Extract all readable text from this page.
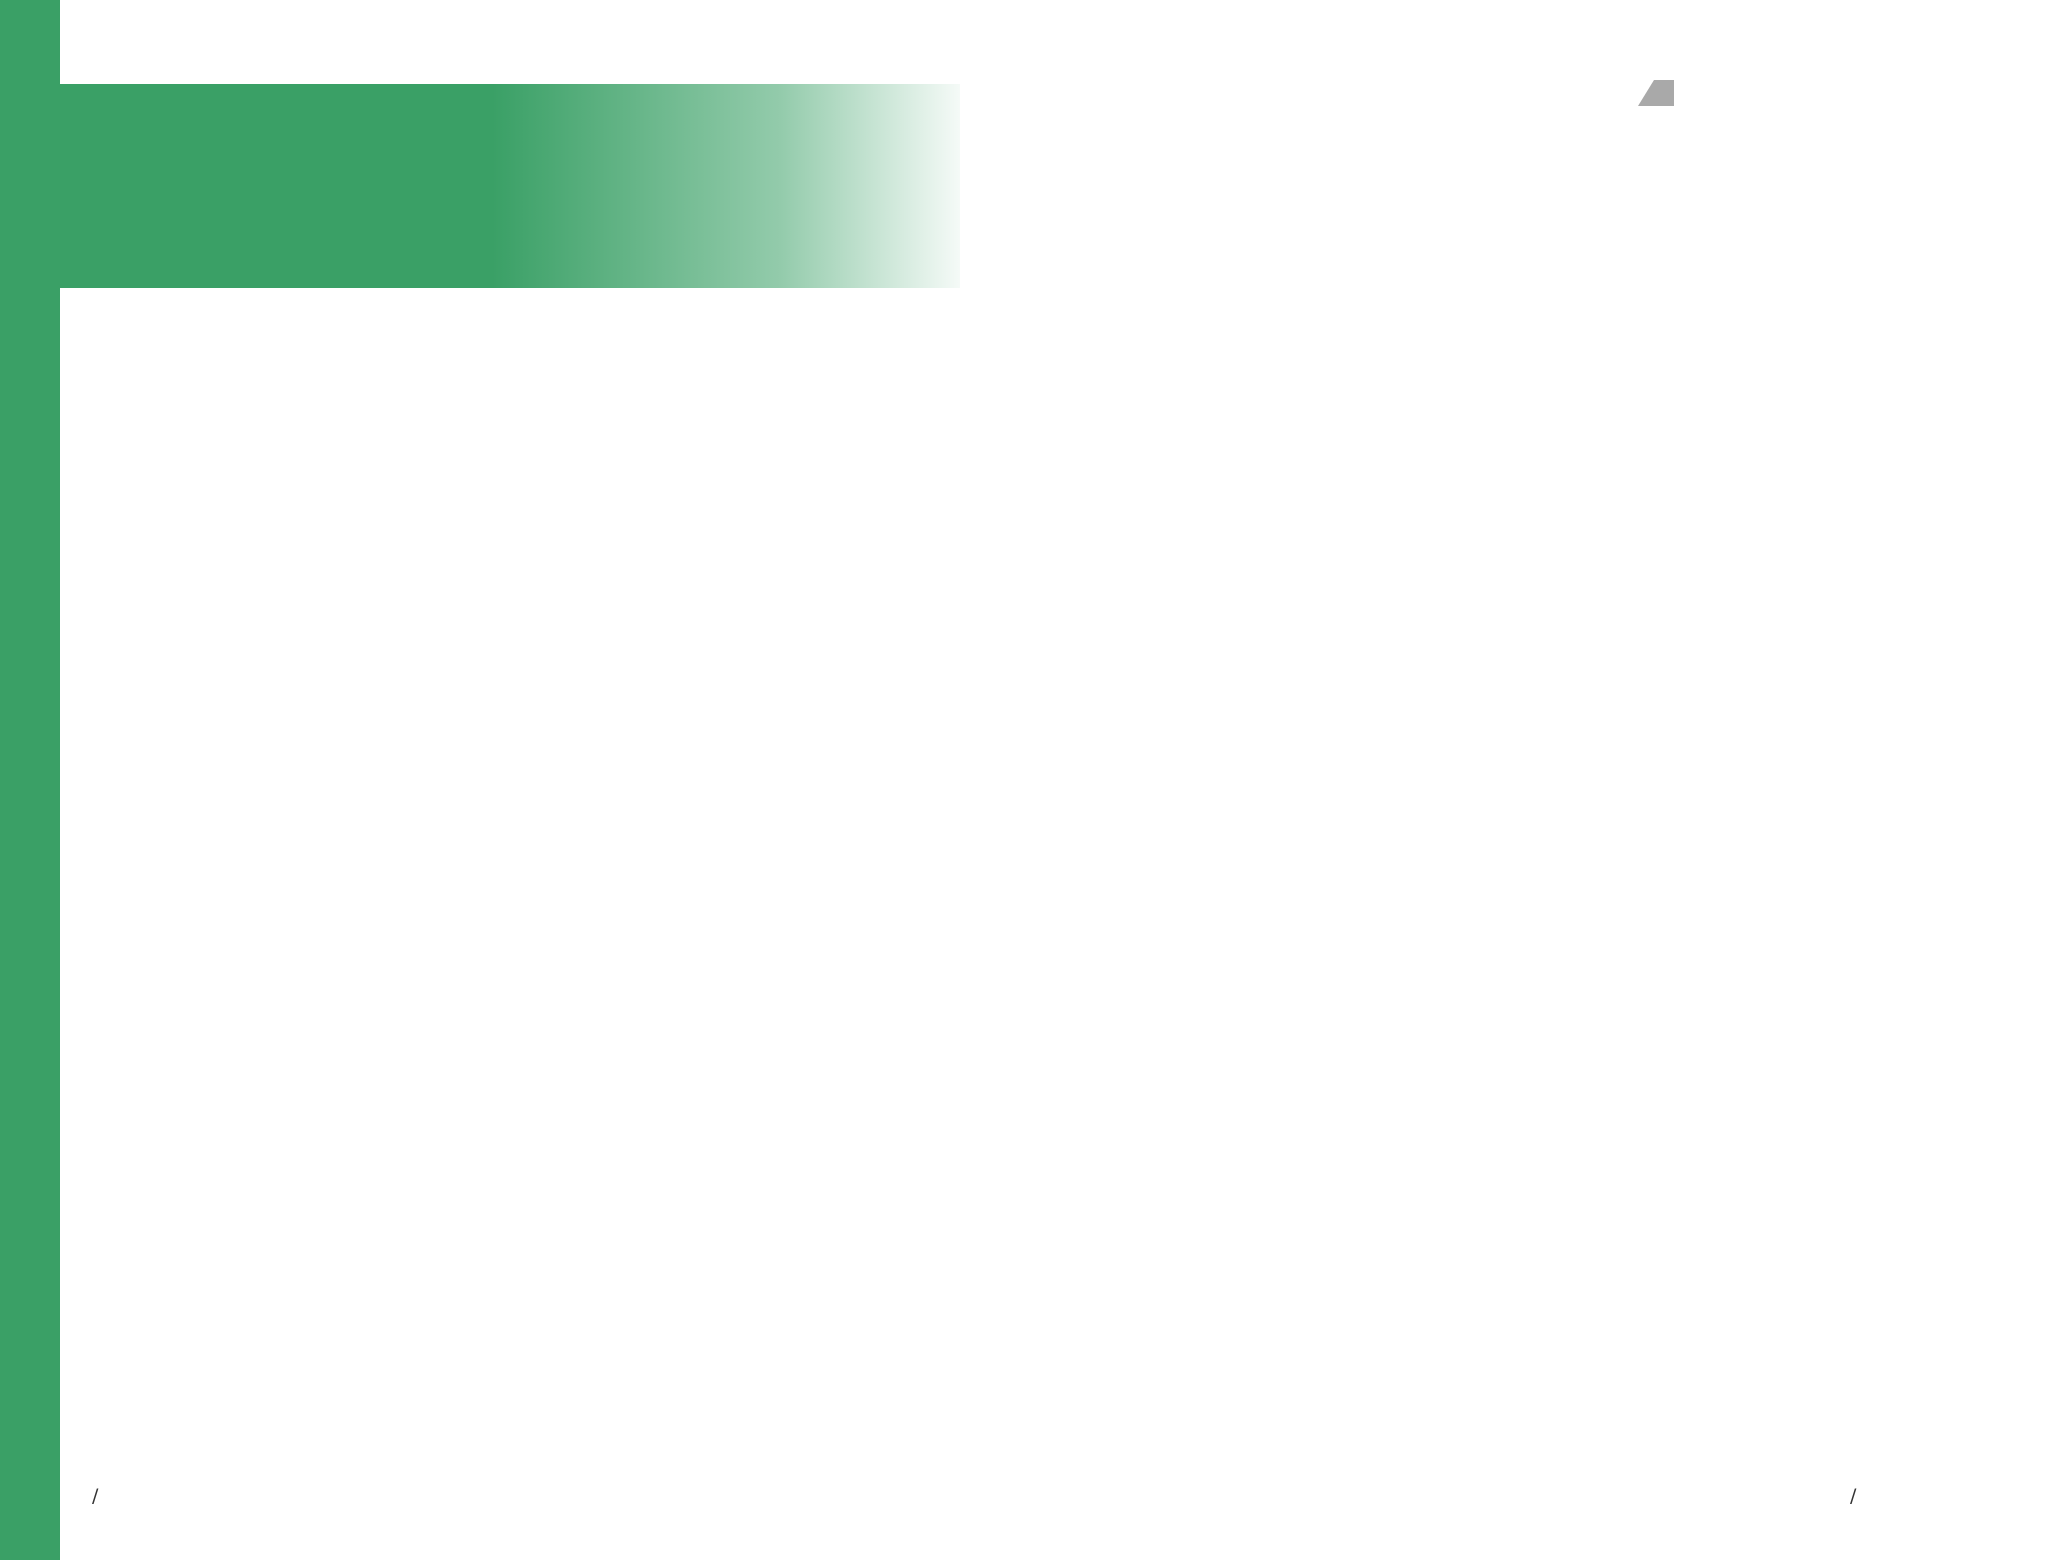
/	/
